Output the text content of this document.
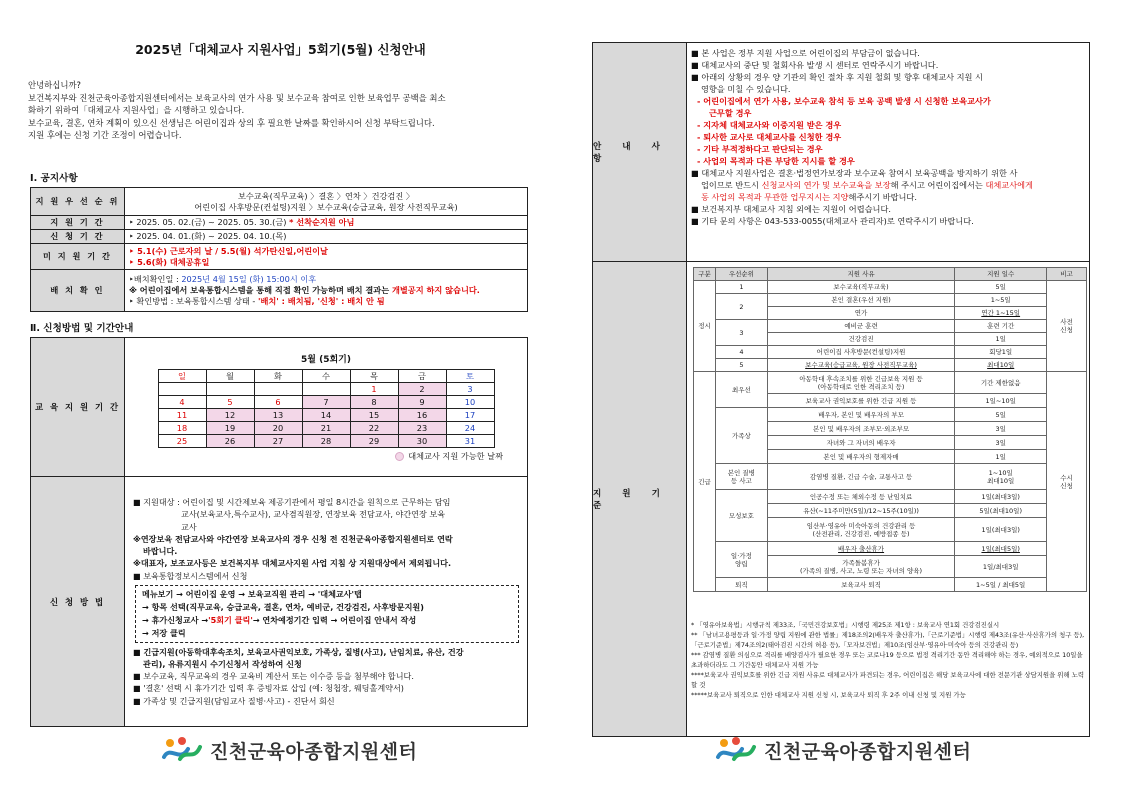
2025년「대체교사 지원사업」5회기(5월) 신청안내
안녕하십니까?
보건복지부와 진천군육아종합지원센터에서는 보육교사의 연가 사용 및 보수교육 참여로 인한 보육업무 공백을 최소
화하기 위하여「대체교사 지원사업」을 시행하고 있습니다.
보수교육, 결혼, 연차 계획이 있으신 선생님은 어린이집과 상의 후 필요한 날짜를 확인하시어 신청 부탁드립니다.
지원 후에는 신청 기간 조정이 어렵습니다.
Ⅰ. 공지사항
지 원 우 선 순 위	보수교육(직무교육) 〉결혼 〉연차 〉건강검진 〉
어린이집 사후방문(컨설팅)지원 〉보수교육(승급교육, 원장 사전직무교육)

지 원 기 간	‣ 2025. 05. 02.(금) ~ 2025. 05. 30.(금) * 선착순지원 아님
신 청 기 간	‣ 2025. 04. 01.(화) ~ 2025. 04. 10.(목)
미 지 원 기 간	‣ 5.1(수) 근로자의 날 / 5.5(월) 석가탄신일,어린이날
‣ 5.6(화) 대체공휴일

배 치 확 인	‣배치확인일 : 2025년 4월 15일 (화) 15:00시 이후
※ 어린이집에서 보육통합시스템을 통해 직접 확인 가능하며 배치 결과는 개별공지 하지 않습니다.
‣ 확인방법 : 보육통합시스템 상태 - '배치' : 배치됨, '신청' : 배치 안 됨
Ⅱ. 신청방법 및 기간안내
교 육 지 원 기 간	
5월 (5회기)
일	월	화	수	목	금	토
				1	2	3
4	5	6	7	8	9	10
11	12	13	14	15	16	17
18	19	20	21	22	23	24
25	26	27	28	29	30	31
대체교사 지원 가능한 날짜

신 청 방 법	
■ 지원대상 : 어린이집 및 시간제보육 제공기관에서 평일 8시간을 원칙으로 근무하는 담임
교사(보육교사,특수교사), 교사겸직원장, 연장보육 전담교사, 야간연장 보육
교사
※연장보육 전담교사와 야간연장 보육교사의 경우 신청 전 진천군육아종합지원센터로 연락
바랍니다.
※대표자, 보조교사등은 보건복지부 대체교사지원 사업 지침 상 지원대상에서 제외됩니다.
■ 보육통합정보시스템에서 신청
메뉴보기 → 어린이집 운영 → 보육교직원 관리 → '대체교사'탭
→ 항목 선택(직무교육, 승급교육, 결혼, 연차, 예비군, 건강검진, 사후방문지원)
→ 휴가신청교사 →'5회기 클릭'→ 연차예정기간 입력 → 어린이집 안내서 작성
→ 저장 클릭
■ 긴급지원(아동학대후속조치, 보육교사권익보호, 가족상, 질병(사고), 난임치료, 유산, 건강
관리), 유류지원시 수기신청서 작성하여 신청
■ 보수교육, 직무교육의 경우 교육비 계산서 또는 이수증 등을 첨부해야 합니다.
■ '결혼' 선택 시 휴가기간 입력 후 증빙자료 삽입 (예: 청첩장, 웨딩홀계약서)
■ 가족상 및 긴급지원(담임교사 질병·사고) - 진단서 회신
진천군육아종합지원센터
안 내 사 항
■ 본 사업은 정부 지원 사업으로 어린이집의 부담금이 없습니다.
■ 대체교사의 중단 및 철회사유 발생 시 센터로 연락주시기 바랍니다.
■ 아래의 상황의 경우 양 기관의 확인 절차 후 지원 철회 및 향후 대체교사 지원 시
영향을 미칠 수 있습니다.
- 어린이집에서 연가 사용, 보수교육 참석 등 보육 공백 발생 시 신청한 보육교사가
근무할 경우
- 지자체 대체교사와 이중지원 받은 경우
- 퇴사한 교사로 대체교사를 신청한 경우
- 기타 부적정하다고 판단되는 경우
- 사업의 목적과 다른 부당한 지시를 할 경우
■ 대체교사 지원사업은 결혼·법정연가보장과 보수교육 참여시 보육공백을 방지하기 위한 사
업이므로 반드시 신청교사의 연가 및 보수교육을 보장해 주시고 어린이집에서는 대체교사에게
동 사업의 목적과 무관한 업무지시는 지양해주시기 바랍니다.
■ 보건복지부 대체교사 지침 외에는 지원이 어렵습니다.
■ 기타 문의 사항은 043-533-0055(대체교사 관리자)로 연락주시기 바랍니다.
지 원 기 준
구분	우선순위	지원 사유	지원 일수	비고
정시	1	보수교육(직무교육)	5일	사전
신청
	2	본인 결혼(우선 지원)	1~5일	
		연가	연간 1~15일	
	3	예비군 훈련	훈련 기간	
		건강검진	1일	
	4	어린이집 사후방문(컨설팅)지원	회당1일	
	5	보수교육(승급교육, 원장 사전직무교육)	최대10일	
긴급	최우선	아동학대 후속조치를 위한 긴급보육 지원 등
(아동학대로 인한 격리조치 등)	기간 제한없음	수시
신청
		보육교사 권익보호를 위한 긴급 지원 등	1일~10일	
	가족상	배우자, 본인 및 배우자의 부모	5일	
		본인 및 배우자의 조부모·외조부모	3일	
		자녀와 그 자녀의 배우자	3일	
		본인 및 배우자의 형제자매	1일	
	본인 질병
등 사고	감염병 질환, 긴급 수술, 교통사고 등	1~10일
최대10일	
	모성보호	인공수정 또는 체외수정 등 난임치료	1일(최대3일)	
		유산(~11주미만(5일)/12~15주(10일))	5일(최대10일)	
		임산부·영유아 미숙아동의 건강관리 등
(산전관리, 건강검진, 예방접종 등)	1일(최대3일)	
	일·가정
양립	배우자 출산휴가	1일(최대5일)	
		가족돌봄휴가
(가족의 질병, 사고, 노령 또는 자녀의 양육)	1일/최대3일	
	퇴직	보육교사 퇴직	1~5일 / 최대5일	
* 「영유아보육법」시행규칙 제33조,「국민건강보호법」시행령 제25조 제1항 : 보육교사 연1회 건강검진실시
** 「남녀고용평등과 일·가정 양립 지원에 관한 법률」제18조의2(배우자 출산휴가),「근로기준법」시행령 제43조(유산·사산휴가의 청구 등),「근로기준법」제74조의2(태아검진 시간의 허용 등),「모자보건법」제10조(임산부·영유아·미숙아 등의 건강관리 등)
*** 감염병 질환 의심으로 격리를 배양검사가 필요한 경우 또는 코로나19 등으로 법정 격리기간 동안 격리해야 하는 경우, 예외적으로 10일을 초과하더라도 그 기간동안 대체교사 지원 가능
****보육교사 권익보호를 위한 긴급 지원 사유로 대체교사가 파견되는 경우, 어린이집은 해당 보육교사에 대한 전문기관 상담지원을 위해 노력할 것
*****보육교사 퇴직으로 인한 대체교사 지원 신청 시, 보육교사 퇴직 후 2주 이내 신청 및 지원 가능
진천군육아종합지원센터
